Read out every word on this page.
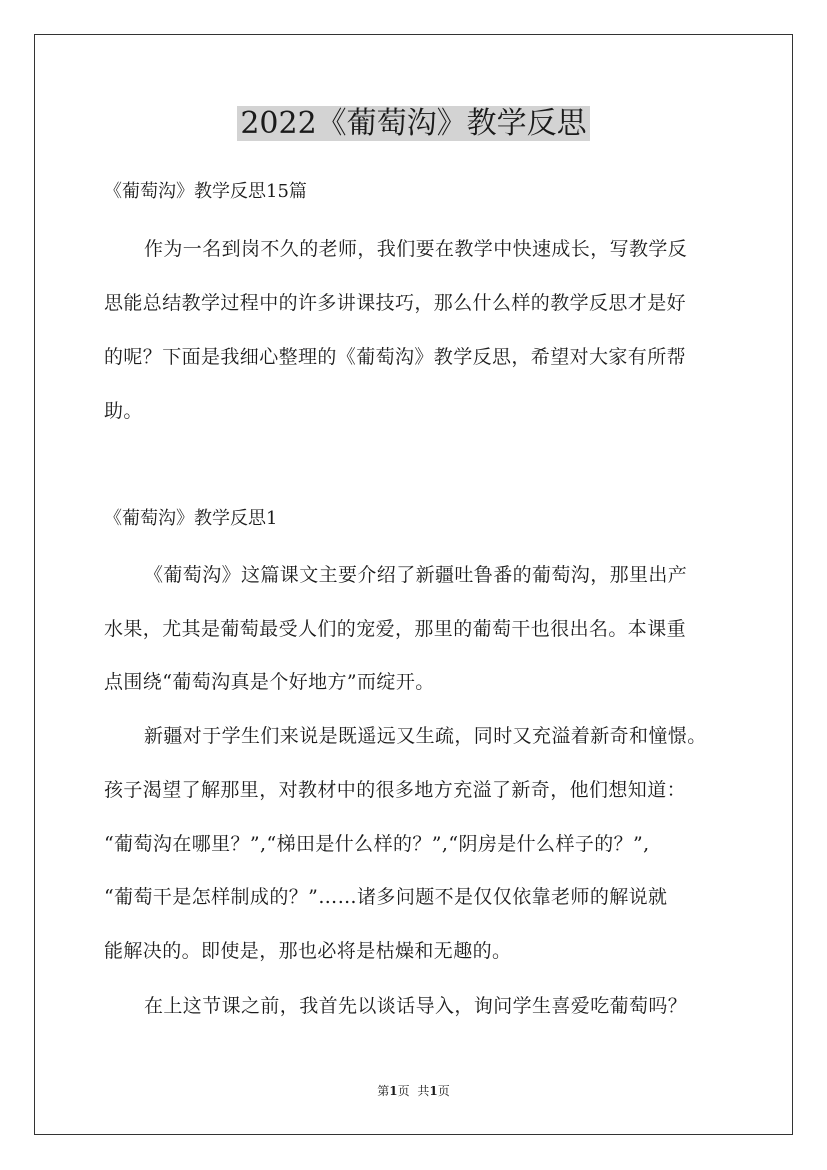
2022《葡萄沟》教学反思
《葡萄沟》教学反思15篇
作为一名到岗不久的老师，我们要在教学中快速成长，写教学反
思能总结教学过程中的许多讲课技巧，那么什么样的教学反思才是好
的呢？下面是我细心整理的《葡萄沟》教学反思，希望对大家有所帮
助。
《葡萄沟》教学反思1
《葡萄沟》这篇课文主要介绍了新疆吐鲁番的葡萄沟，那里出产
水果，尤其是葡萄最受人们的宠爱，那里的葡萄干也很出名。本课重
点围绕“葡萄沟真是个好地方”而绽开。
新疆对于学生们来说是既遥远又生疏，同时又充溢着新奇和憧憬。
孩子渴望了解那里，对教材中的很多地方充溢了新奇，他们想知道：
“葡萄沟在哪里？”,“梯田是什么样的？”,“阴房是什么样子的？”,
“葡萄干是怎样制成的？”……诸多问题不是仅仅依靠老师的解说就
能解决的。即使是，那也必将是枯燥和无趣的。
在上这节课之前，我首先以谈话导入，询问学生喜爱吃葡萄吗？
第1页 共1页
